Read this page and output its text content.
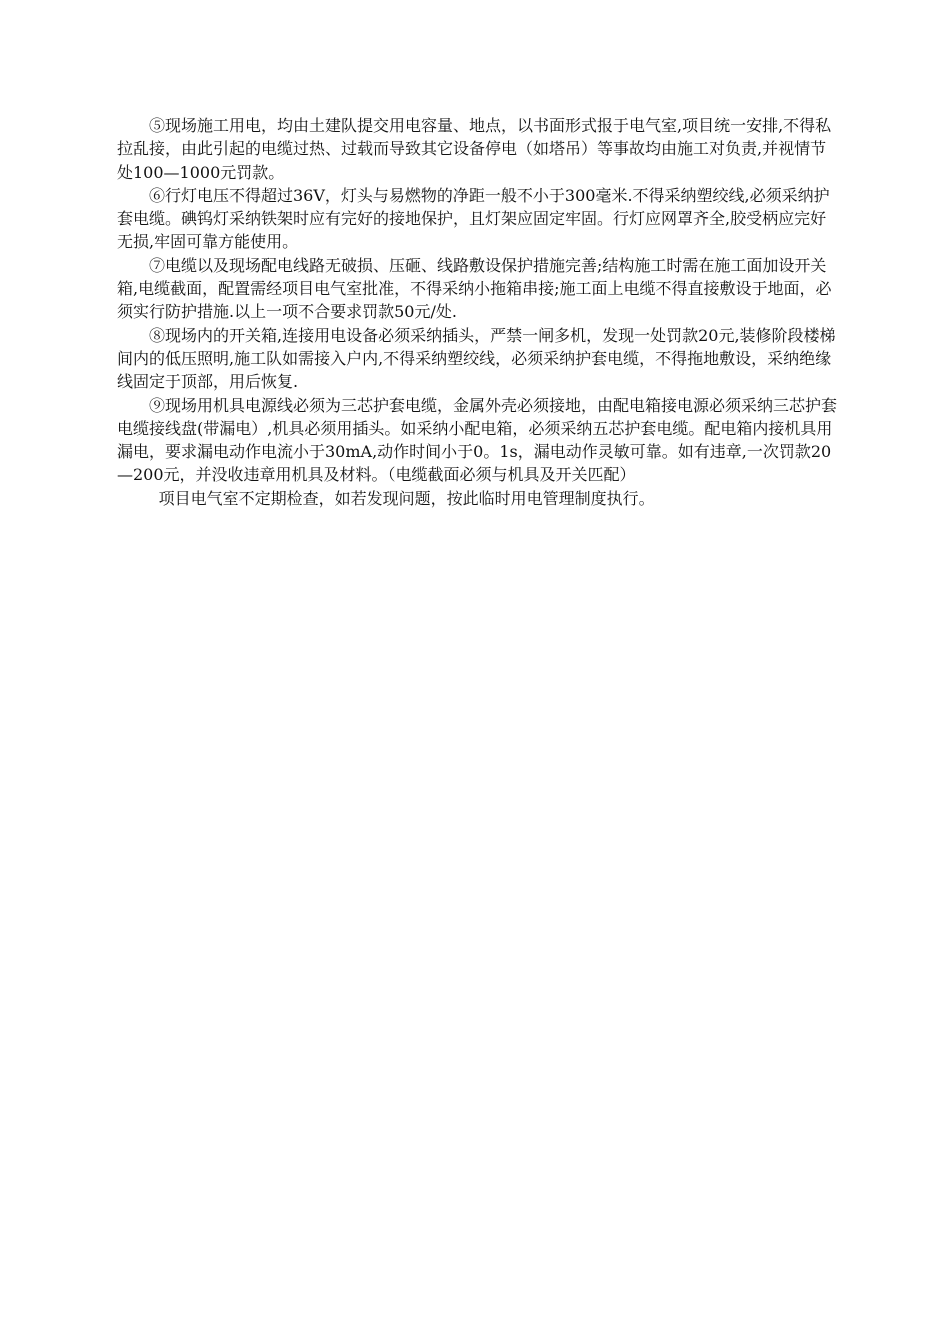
⑤现场施工用电，均由土建队提交用电容量、地点，以书面形式报于电气室,项目统一安排,不得私拉乱接，由此引起的电缆过热、过载而导致其它设备停电（如塔吊）等事故均由施工对负责,并视情节处100—1000元罚款。

⑥行灯电压不得超过36V，灯头与易燃物的净距一般不小于300毫米.不得采纳塑绞线,必须采纳护套电缆。碘钨灯采纳铁架时应有完好的接地保护，且灯架应固定牢固。行灯应网罩齐全,胶受柄应完好无损,牢固可靠方能使用。

⑦电缆以及现场配电线路无破损、压砸、线路敷设保护措施完善;结构施工时需在施工面加设开关箱,电缆截面，配置需经项目电气室批准，不得采纳小拖箱串接;施工面上电缆不得直接敷设于地面，必须实行防护措施.以上一项不合要求罚款50元/处.

⑧现场内的开关箱,连接用电设备必须采纳插头，严禁一闸多机，发现一处罚款20元,装修阶段楼梯间内的低压照明,施工队如需接入户内,不得采纳塑绞线，必须采纳护套电缆，不得拖地敷设，采纳绝缘线固定于顶部，用后恢复.

⑨现场用机具电源线必须为三芯护套电缆，金属外壳必须接地，由配电箱接电源必须采纳三芯护套电缆接线盘(带漏电）,机具必须用插头。如采纳小配电箱，必须采纳五芯护套电缆。配电箱内接机具用漏电，要求漏电动作电流小于30mA,动作时间小于0。1s，漏电动作灵敏可靠。如有违章,一次罚款20—200元，并没收违章用机具及材料。（电缆截面必须与机具及开关匹配）

项目电气室不定期检查，如若发现问题，按此临时用电管理制度执行。
